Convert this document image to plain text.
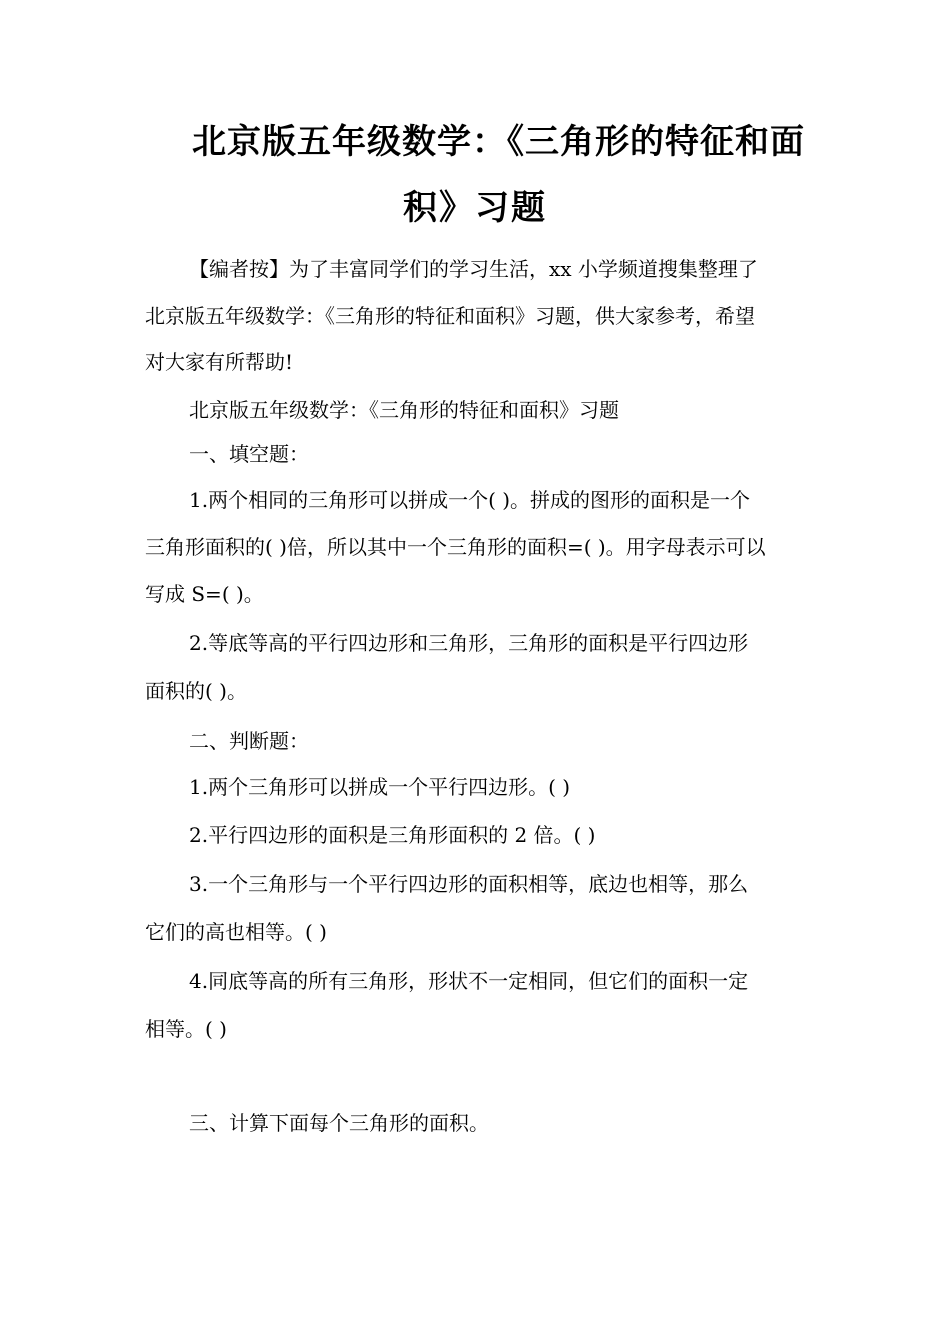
北京版五年级数学：《三角形的特征和面
积》习题

【编者按】为了丰富同学们的学习生活，xx 小学频道搜集整理了

北京版五年级数学：《三角形的特征和面积》习题，供大家参考，希望

对大家有所帮助!

北京版五年级数学：《三角形的特征和面积》习题

一、填空题：

1.两个相同的三角形可以拼成一个( )。拼成的图形的面积是一个

三角形面积的( )倍，所以其中一个三角形的面积=( )。用字母表示可以

写成 S=( )。

2.等底等高的平行四边形和三角形，三角形的面积是平行四边形

面积的( )。

二、判断题：

1.两个三角形可以拼成一个平行四边形。( )

2.平行四边形的面积是三角形面积的 2 倍。( )

3.一个三角形与一个平行四边形的面积相等，底边也相等，那么

它们的高也相等。( )

4.同底等高的所有三角形，形状不一定相同，但它们的面积一定

相等。( )

三、计算下面每个三角形的面积。
